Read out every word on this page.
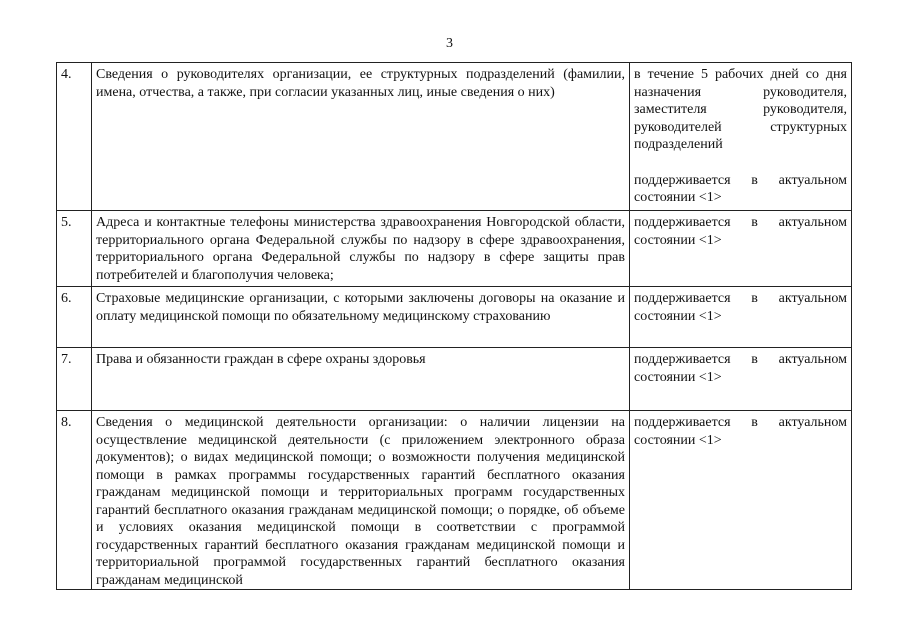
3
4.	Сведения о руководителях организации, ее структурных подразделений (фамилии, имена, отчества, а также, при согласии указанных лиц, иные сведения о них)	в течение 5 рабочих дней со дня назначения руководителя, заместителя руководителя, руководителей структурных подразделений
поддерживается в актуальном состоянии <1>

5.	Адреса и контактные телефоны министерства здравоохранения Новгородской области, территориального органа Федеральной службы по надзору в сфере здравоохранения, территориального органа Федеральной службы по надзору в сфере защиты прав потребителей и благополучия человека;	поддерживается в актуальном состоянии <1>
6.	Страховые медицинские организации, с которыми заключены договоры на оказание и оплату медицинской помощи по обязательному медицинскому страхованию	поддерживается в актуальном состоянии <1>
7.	Права и обязанности граждан в сфере охраны здоровья	поддерживается в актуальном состоянии <1>
8.	Сведения о медицинской деятельности организации: о наличии лицензии на осуществление медицинской деятельности (с приложением электронного образа документов); о видах медицинской помощи; о возможности получения медицинской помощи в рамках программы государственных гарантий бесплатного оказания гражданам медицинской помощи и территориальных программ государственных гарантий бесплатного оказания гражданам медицинской помощи; о порядке, об объеме и условиях оказания медицинской помощи в соответствии с программой государственных гарантий бесплатного оказания гражданам медицинской помощи и территориальной программой государственных гарантий бесплатного оказания гражданам медицинской	поддерживается в актуальном состоянии <1>
